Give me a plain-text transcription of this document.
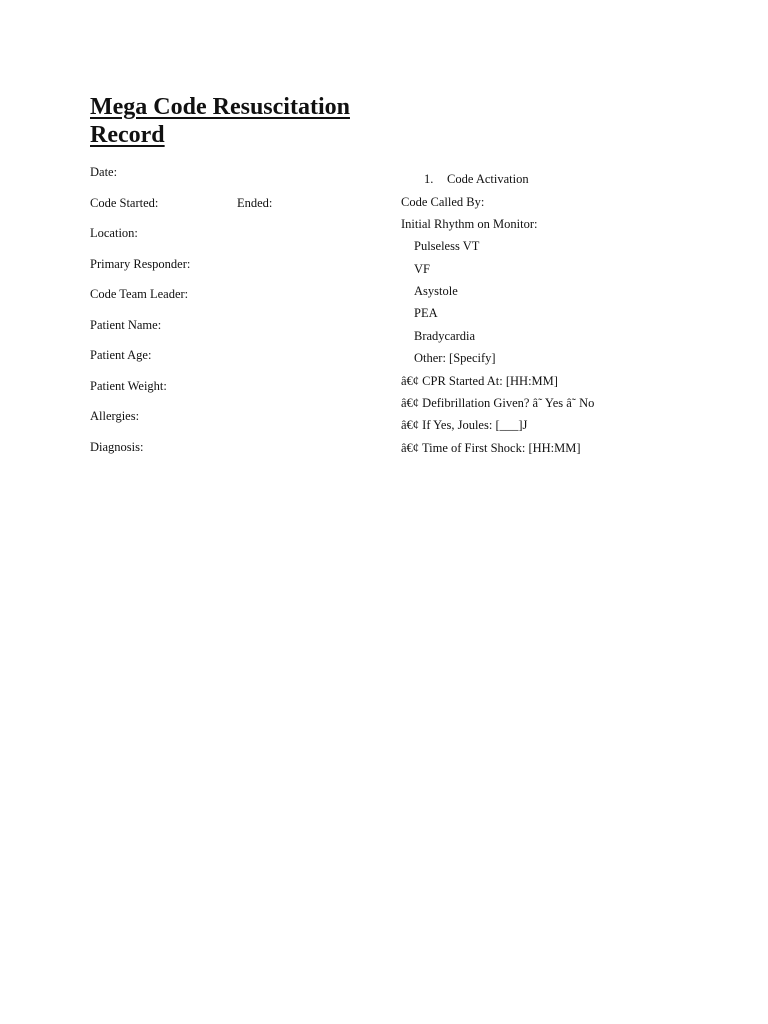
Mega Code Resuscitation Record
Date:
Code Started:	Ended:
Location:
Primary Responder:
Code Team Leader:
Patient Name:
Patient Age:
Patient Weight:
Allergies:
Diagnosis:
1. Code Activation
Code Called By:
Initial Rhythm on Monitor:
Pulseless VT
VF
Asystole
PEA
Bradycardia
Other: [Specify]
â€¢ CPR Started At: [HH:MM]
â€¢ Defibrillation Given? â˜ Yes â˜ No
â€¢ If Yes, Joules: [___]J
â€¢ Time of First Shock: [HH:MM]
